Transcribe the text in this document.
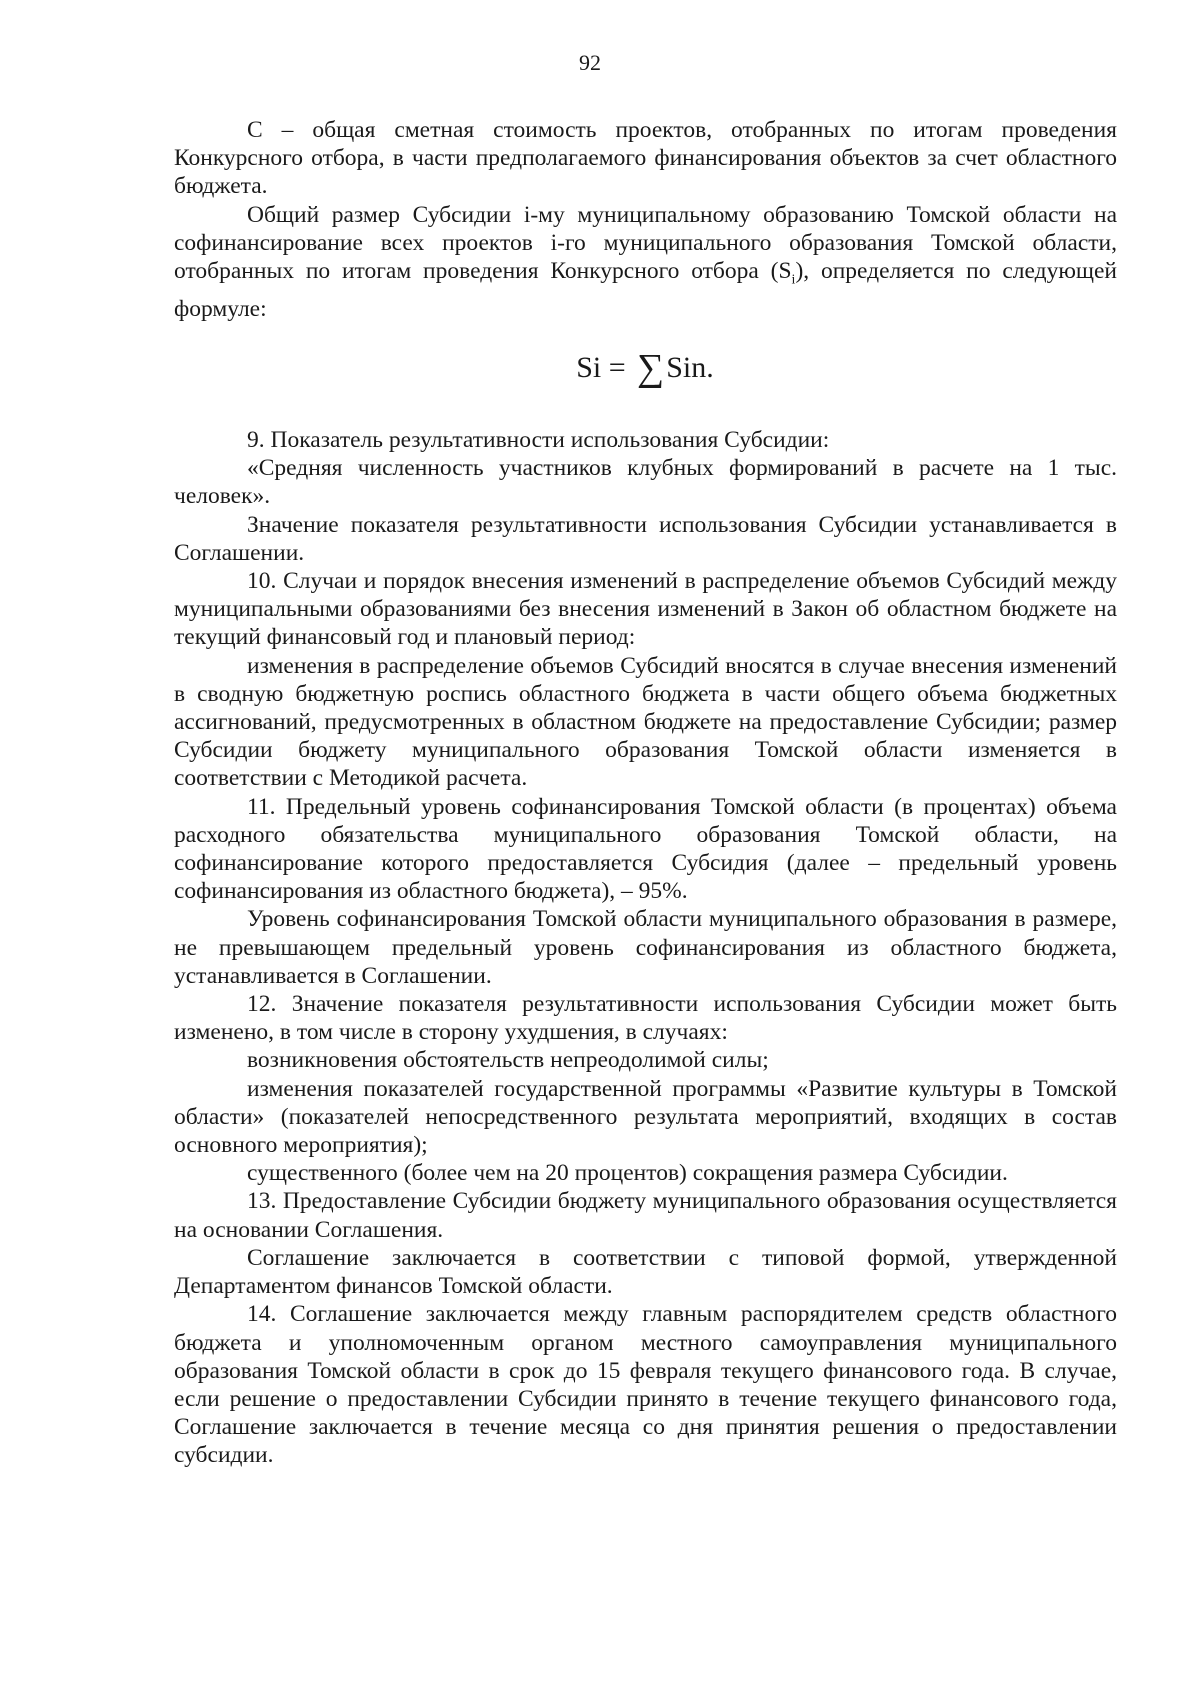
92

С – общая сметная стоимость проектов, отобранных по итогам проведения Конкурсного отбора, в части предполагаемого финансирования объектов за счет областного бюджета.

Общий размер Субсидии i-му муниципальному образованию Томской области на софинансирование всех проектов i-го муниципального образования Томской области, отобранных по итогам проведения Конкурсного отбора $(S_i)$, определяется по следующей формуле:

Si = ∑Sin.

9. Показатель результативности использования Субсидии:

«Средняя численность участников клубных формирований в расчете на 1 тыс. человек».

Значение показателя результативности использования Субсидии устанавливается в Соглашении.

10. Случаи и порядок внесения изменений в распределение объемов Субсидий между муниципальными образованиями без внесения изменений в Закон об областном бюджете на текущий финансовый год и плановый период:

изменения в распределение объемов Субсидий вносятся в случае внесения изменений в сводную бюджетную роспись областного бюджета в части общего объема бюджетных ассигнований, предусмотренных в областном бюджете на предоставление Субсидии; размер Субсидии бюджету муниципального образования Томской области изменяется в соответствии с Методикой расчета.

11. Предельный уровень софинансирования Томской области (в процентах) объема расходного обязательства муниципального образования Томской области, на софинансирование которого предоставляется Субсидия (далее – предельный уровень софинансирования из областного бюджета), – 95%.

Уровень софинансирования Томской области муниципального образования в размере, не превышающем предельный уровень софинансирования из областного бюджета, устанавливается в Соглашении.

12. Значение показателя результативности использования Субсидии может быть изменено, в том числе в сторону ухудшения, в случаях:

возникновения обстоятельств непреодолимой силы;

изменения показателей государственной программы «Развитие культуры в Томской области» (показателей непосредственного результата мероприятий, входящих в состав основного мероприятия);

существенного (более чем на 20 процентов) сокращения размера Субсидии.

13. Предоставление Субсидии бюджету муниципального образования осуществляется на основании Соглашения.

Соглашение заключается в соответствии с типовой формой, утвержденной Департаментом финансов Томской области.

14. Соглашение заключается между главным распорядителем средств областного бюджета и уполномоченным органом местного самоуправления муниципального образования Томской области в срок до 15 февраля текущего финансового года. В случае, если решение о предоставлении Субсидии принято в течение текущего финансового года, Соглашение заключается в течение месяца со дня принятия решения о предоставлении субсидии.
